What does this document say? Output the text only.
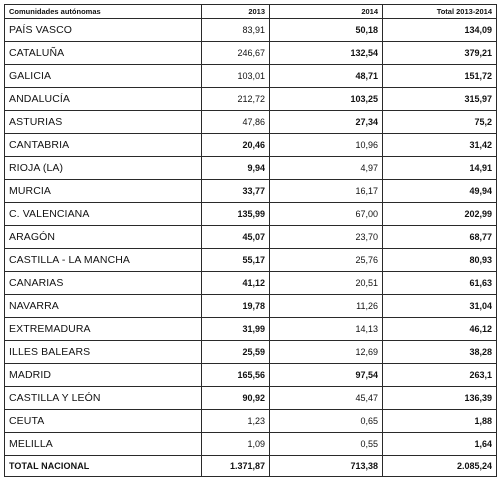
Comunidades autónomas	2013	2014	Total 2013-2014
PAÍS VASCO	83,91	50,18	134,09
CATALUÑA	246,67	132,54	379,21
GALICIA	103,01	48,71	151,72
ANDALUCÍA	212,72	103,25	315,97
ASTURIAS	47,86	27,34	75,2
CANTABRIA	20,46	10,96	31,42
RIOJA (LA)	9,94	4,97	14,91
MURCIA	33,77	16,17	49,94
C. VALENCIANA	135,99	67,00	202,99
ARAGÓN	45,07	23,70	68,77
CASTILLA - LA MANCHA	55,17	25,76	80,93
CANARIAS	41,12	20,51	61,63
NAVARRA	19,78	11,26	31,04
EXTREMADURA	31,99	14,13	46,12
ILLES BALEARS	25,59	12,69	38,28
MADRID	165,56	97,54	263,1
CASTILLA Y LEÓN	90,92	45,47	136,39
CEUTA	1,23	0,65	1,88
MELILLA	1,09	0,55	1,64
TOTAL NACIONAL	1.371,87	713,38	2.085,24
